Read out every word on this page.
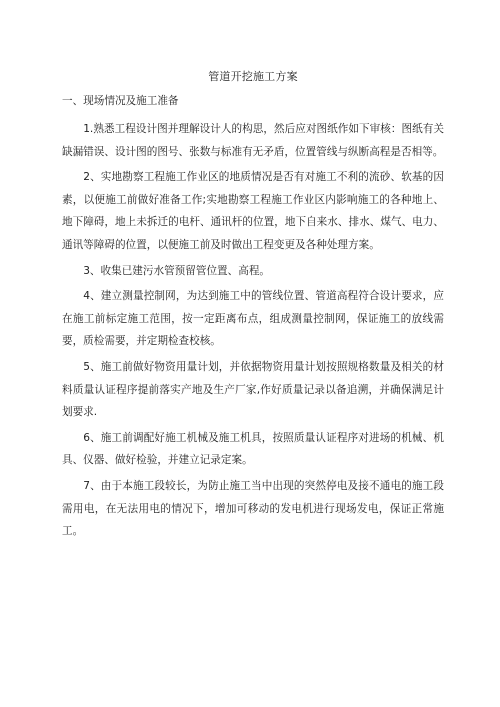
管道开挖施工方案
一、现场情况及施工准备

1.熟悉工程设计图并理解设计人的构思，然后应对图纸作如下审核：图纸有关缺漏错误、设计图的图号、张数与标准有无矛盾，位置管线与纵断高程是否相等。

2、实地勘察工程施工作业区的地质情况是否有对施工不利的流砂、软基的因素，以便施工前做好准备工作;实地勘察工程施工作业区内影响施工的各种地上、地下障碍，地上未拆迁的电杆、通讯杆的位置，地下自来水、排水、煤气、电力、通讯等障碍的位置，以便施工前及时做出工程变更及各种处理方案。

3、收集已建污水管预留管位置、高程。

4、建立测量控制网，为达到施工中的管线位置、管道高程符合设计要求，应在施工前标定施工范围，按一定距离布点，组成测量控制网，保证施工的放线需要，质检需要，并定期检查校核。

5、施工前做好物资用量计划，并依据物资用量计划按照规格数量及相关的材料质量认证程序提前落实产地及生产厂家,作好质量记录以备追溯，并确保满足计划要求.

6、施工前调配好施工机械及施工机具，按照质量认证程序对进场的机械、机具、仪器、做好检验，并建立记录定案。

7、由于本施工段较长，为防止施工当中出现的突然停电及接不通电的施工段需用电，在无法用电的情况下，增加可移动的发电机进行现场发电，保证正常施工。
